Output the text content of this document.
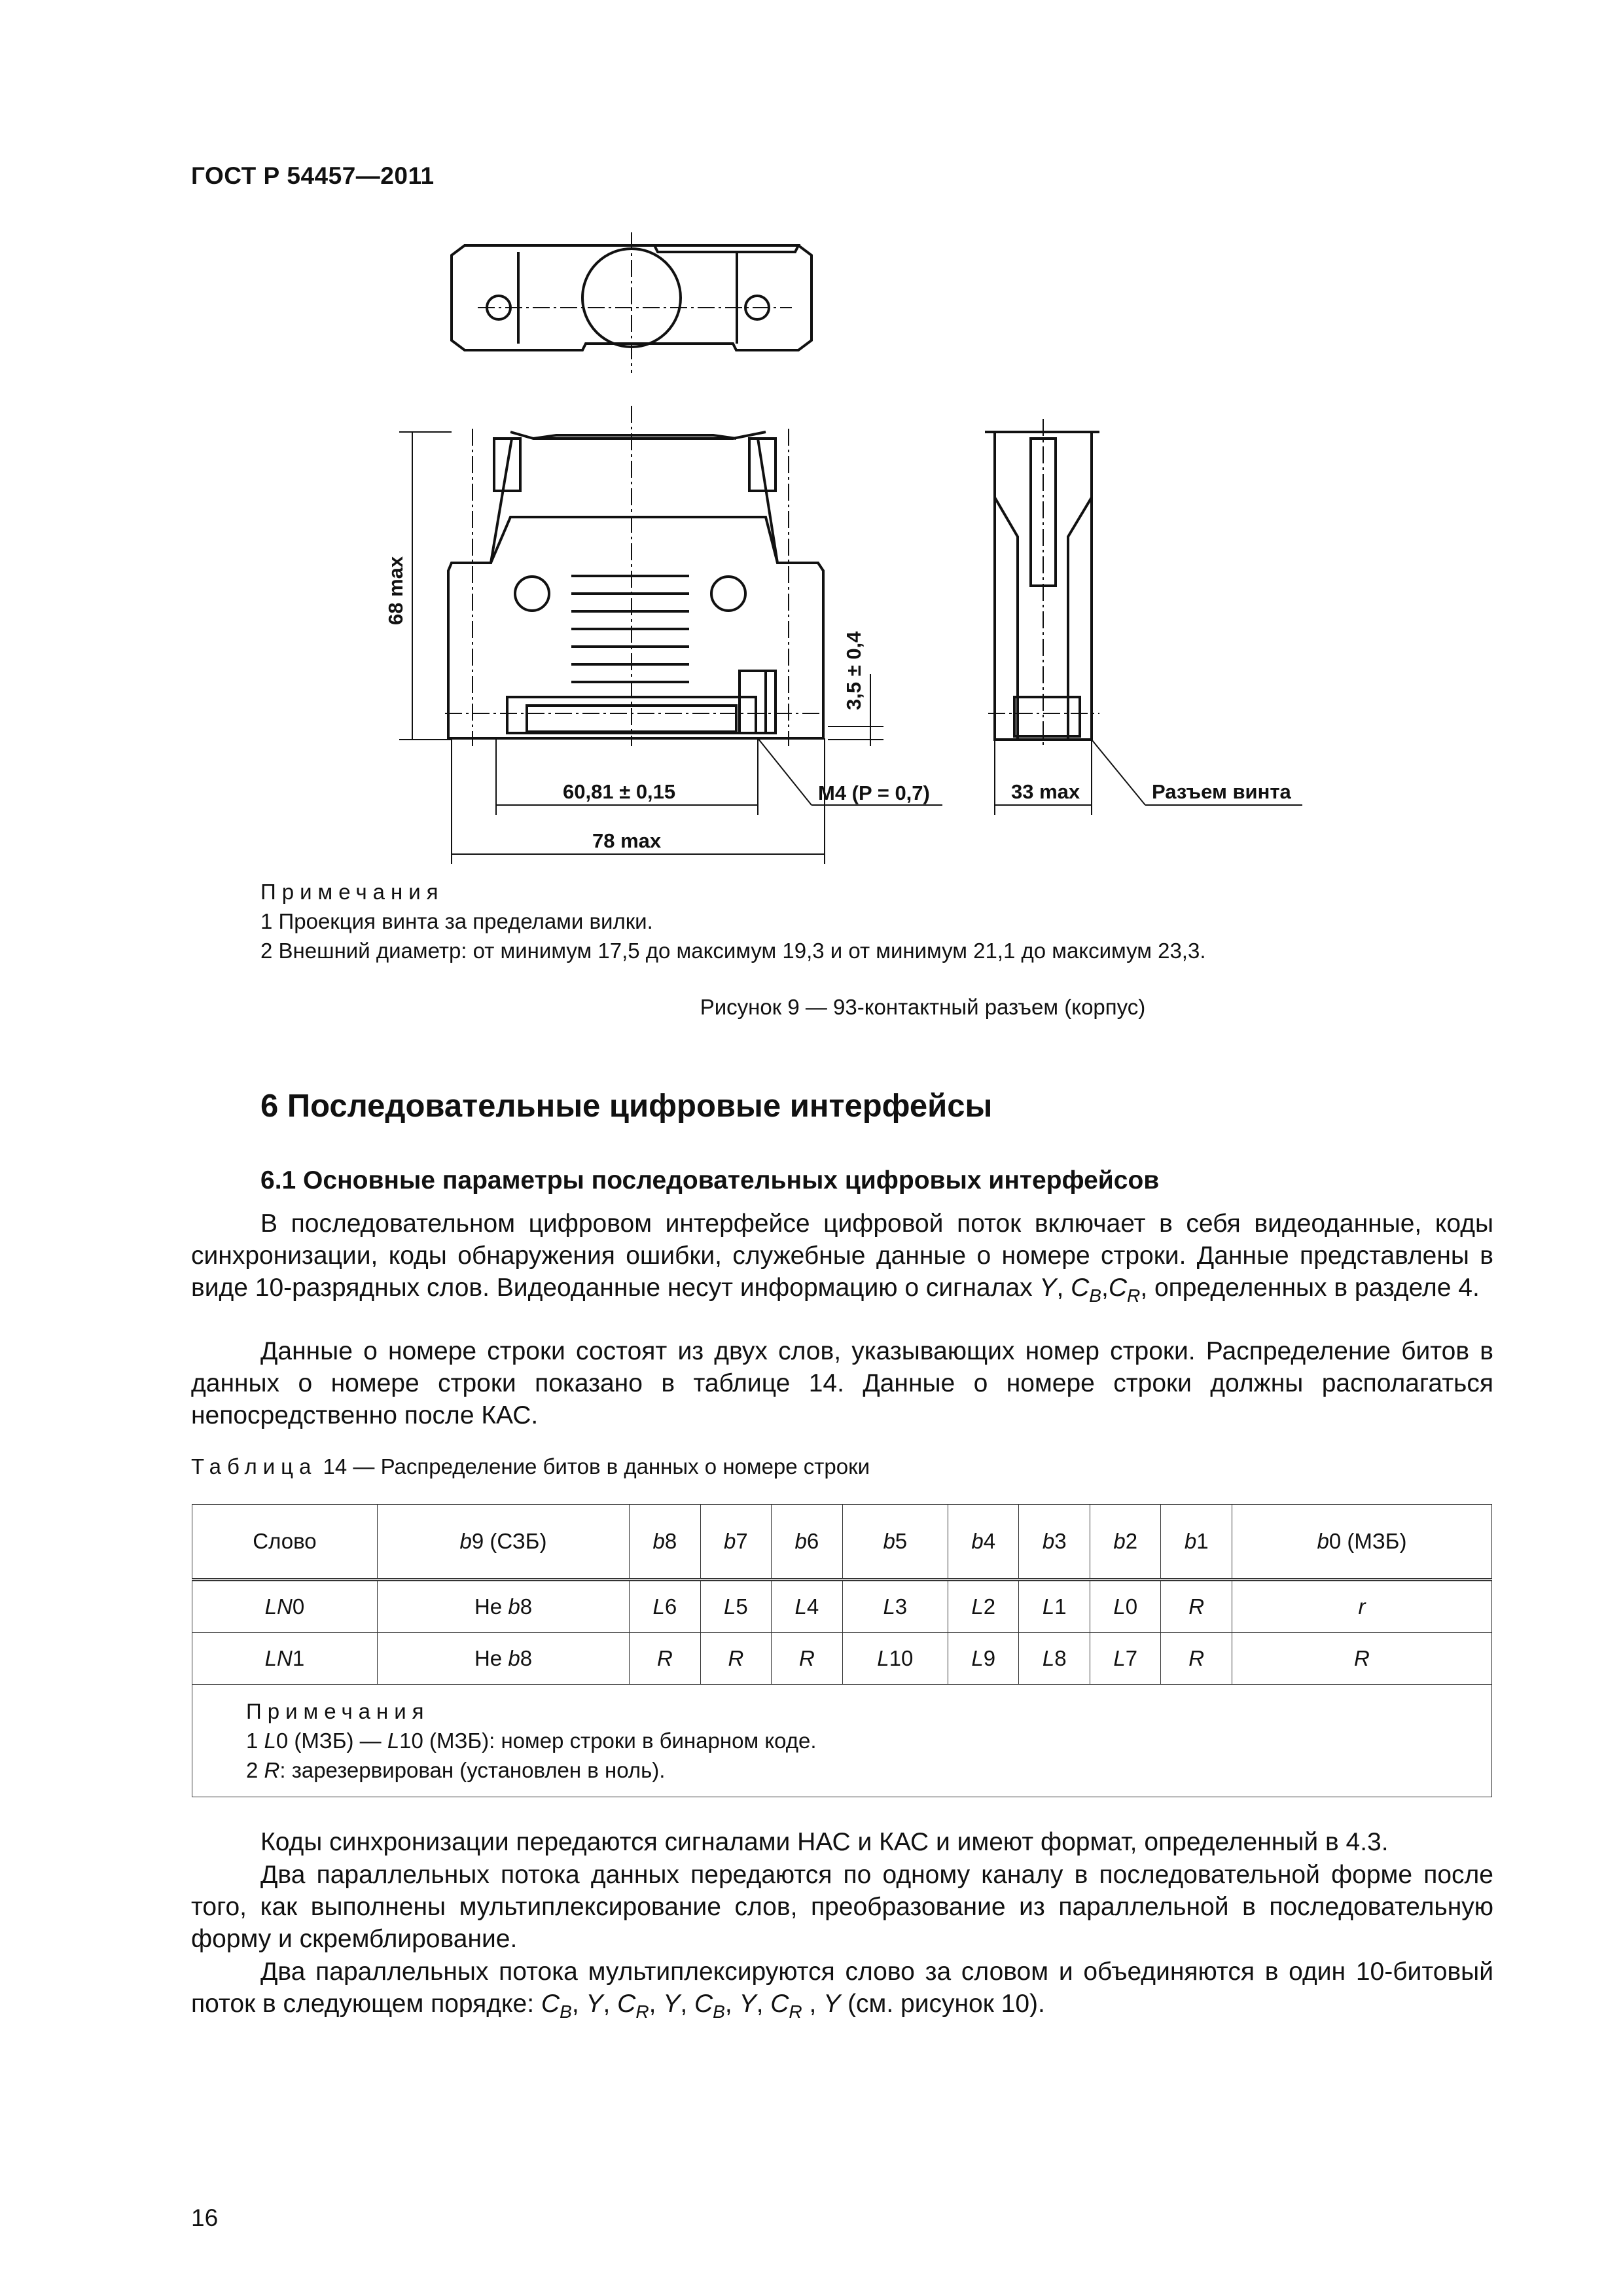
ГОСТ Р 54457—2011
68 max
60,81 ± 0,15
78 max
3,5 ± 0,4
M4 (P = 0,7)	33 max	Разъем винта
Примечания
1 Проекция винта за пределами вилки.
2 Внешний диаметр: от минимум 17,5 до максимум 19,3 и от минимум 21,1 до максимум 23,3.
Рисунок 9 — 93-контактный разъем (корпус)
6 Последовательные цифровые интерфейсы
6.1 Основные параметры последовательных цифровых интерфейсов
В последовательном цифровом интерфейсе цифровой поток включает в себя видеоданные, коды синхронизации, коды обнаружения ошибки, служебные данные о номере строки. Данные представлены в виде 10-разрядных слов. Видеоданные несут информацию о сигналах Y, $C_B,C_R$, определенных в разделе 4.
Данные о номере строки состоят из двух слов, указывающих номер строки. Распределение битов в данных о номере строки показано в таблице 14. Данные о номере строки должны располагаться непосредственно после КАС.
Таблица 14 — Распределение битов в данных о номере строки
Слово	b9 (СЗБ)	b8	b7	b6	b5	b4	b3	b2	b1	b0 (МЗБ)
LN0	Не b8	L6	L5	L4	L3	L2	L1	L0	R	r
LN1	Не b8	R	R	R	L10	L9	L8	L7	R	R

Примечания
1 L0 (МЗБ) — L10 (МЗБ): номер строки в бинарном коде.
2 R: зарезервирован (установлен в ноль).										
Коды синхронизации передаются сигналами НАС и КАС и имеют формат, определенный в 4.3.
Два параллельных потока данных передаются по одному каналу в последовательной форме после того, как выполнены мультиплексирование слов, преобразование из параллельной в последовательную форму и скремблирование.
Два параллельных потока мультиплексируются слово за словом и объединяются в один 10-битовый поток в следующем порядке: $C_B$, Y, $C_R$, Y, $C_B$, Y, $C_R$ , Y (см. рисунок 10).
16
